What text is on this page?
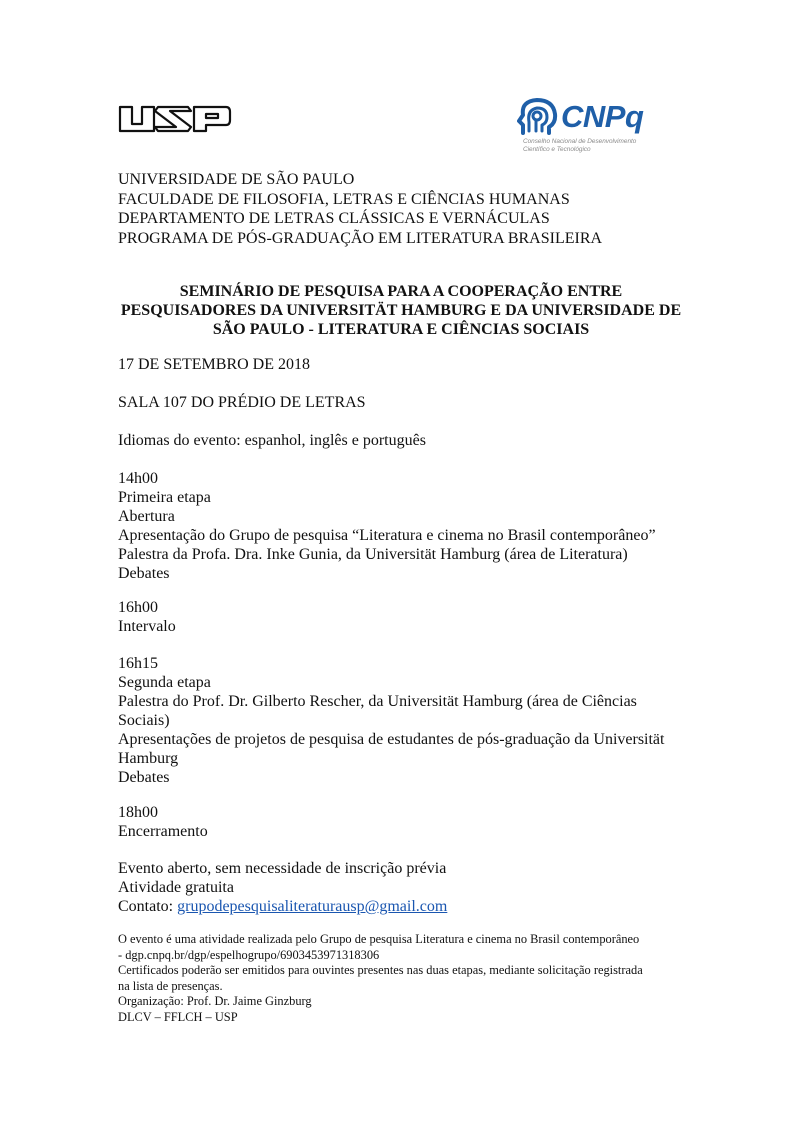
CNPq
Conselho Nacional de Desenvolvimento
Científico e Tecnológico
UNIVERSIDADE DE SÃO PAULO
FACULDADE DE FILOSOFIA, LETRAS E CIÊNCIAS HUMANAS
DEPARTAMENTO DE LETRAS CLÁSSICAS E VERNÁCULAS
PROGRAMA DE PÓS-GRADUAÇÃO EM LITERATURA BRASILEIRA
SEMINÁRIO DE PESQUISA PARA A COOPERAÇÃO ENTRE
PESQUISADORES DA UNIVERSITÄT HAMBURG E DA UNIVERSIDADE DE
SÃO PAULO - LITERATURA E CIÊNCIAS SOCIAIS
17 DE SETEMBRO DE 2018
SALA 107 DO PRÉDIO DE LETRAS
Idiomas do evento: espanhol, inglês e português
14h00
Primeira etapa
Abertura
Apresentação do Grupo de pesquisa “Literatura e cinema no Brasil contemporâneo”
Palestra da Profa. Dra. Inke Gunia, da Universität Hamburg (área de Literatura)
Debates
16h00
Intervalo
16h15
Segunda etapa
Palestra do Prof. Dr. Gilberto Rescher, da Universität Hamburg (área de Ciências
Sociais)
Apresentações de projetos de pesquisa de estudantes de pós-graduação da Universität
Hamburg
Debates
18h00
Encerramento
Evento aberto, sem necessidade de inscrição prévia
Atividade gratuita
Contato: grupodepesquisaliteraturausp@gmail.com
O evento é uma atividade realizada pelo Grupo de pesquisa Literatura e cinema no Brasil contemporâneo
- dgp.cnpq.br/dgp/espelhogrupo/6903453971318306
Certificados poderão ser emitidos para ouvintes presentes nas duas etapas, mediante solicitação registrada
na lista de presenças.
Organização: Prof. Dr. Jaime Ginzburg
DLCV – FFLCH – USP
